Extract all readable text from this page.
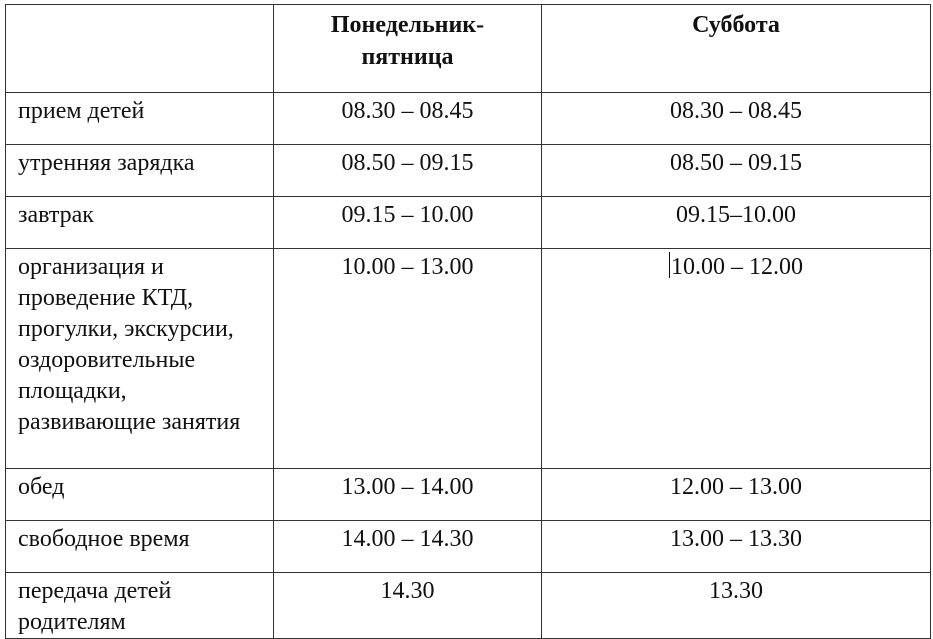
	Понедельник-пятница	Суббота
прием детей	08.30 – 08.45	08.30 – 08.45
утренняя зарядка	08.50 – 09.15	08.50 – 09.15
завтрак	09.15 – 10.00	09.15–10.00
организация и проведение КТД, прогулки, экскурсии, оздоровительные площадки, развивающие занятия	10.00 – 13.00	10.00 – 12.00
обед	13.00 – 14.00	12.00 – 13.00
свободное время	14.00 – 14.30	13.00 – 13.30
передача детей родителям	14.30	13.30
